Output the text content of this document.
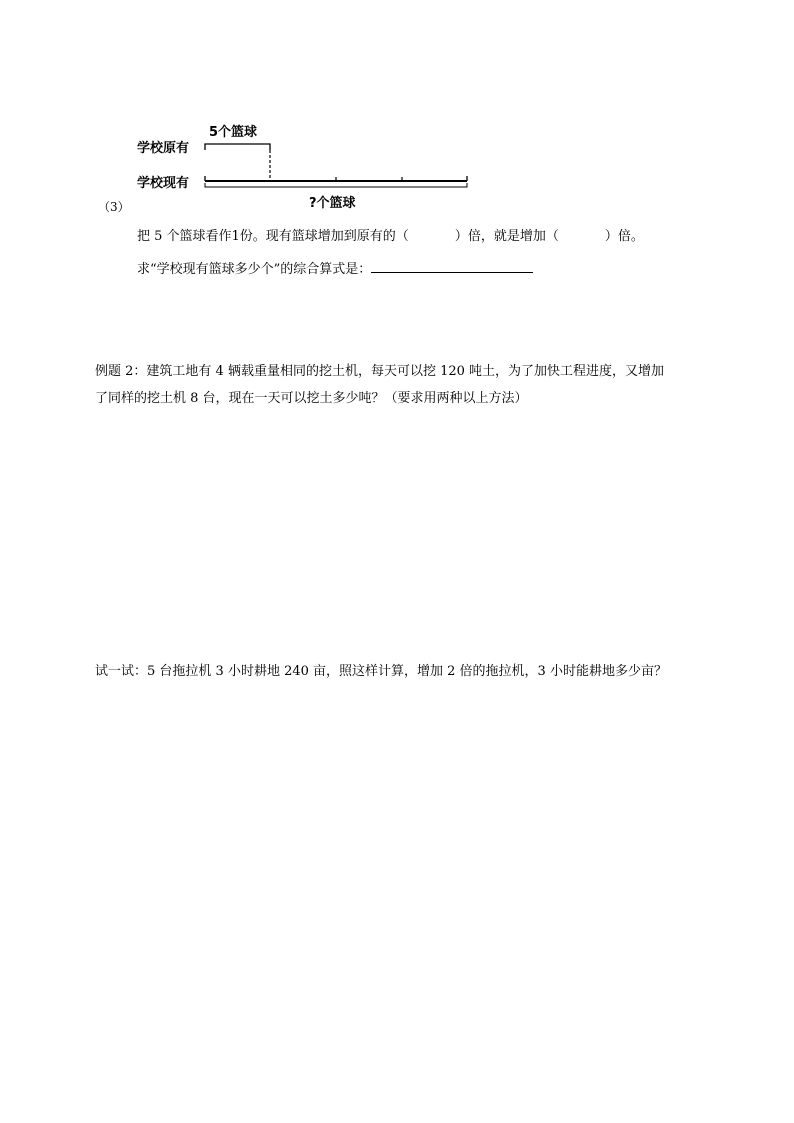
5个篮球
学校原有
学校现有
?个篮球
（3）
把 5 个篮球看作1份。现有篮球增加到原有的（	）倍，就是增加（	）倍。
求“学校现有篮球多少个”的综合算式是：
例题 2：建筑工地有 4 辆载重量相同的挖土机，每天可以挖 120 吨土，为了加快工程进度，又增加
了同样的挖土机 8 台，现在一天可以挖土多少吨？（要求用两种以上方法）
试一试：5 台拖拉机 3 小时耕地 240 亩，照这样计算，增加 2 倍的拖拉机，3 小时能耕地多少亩？
